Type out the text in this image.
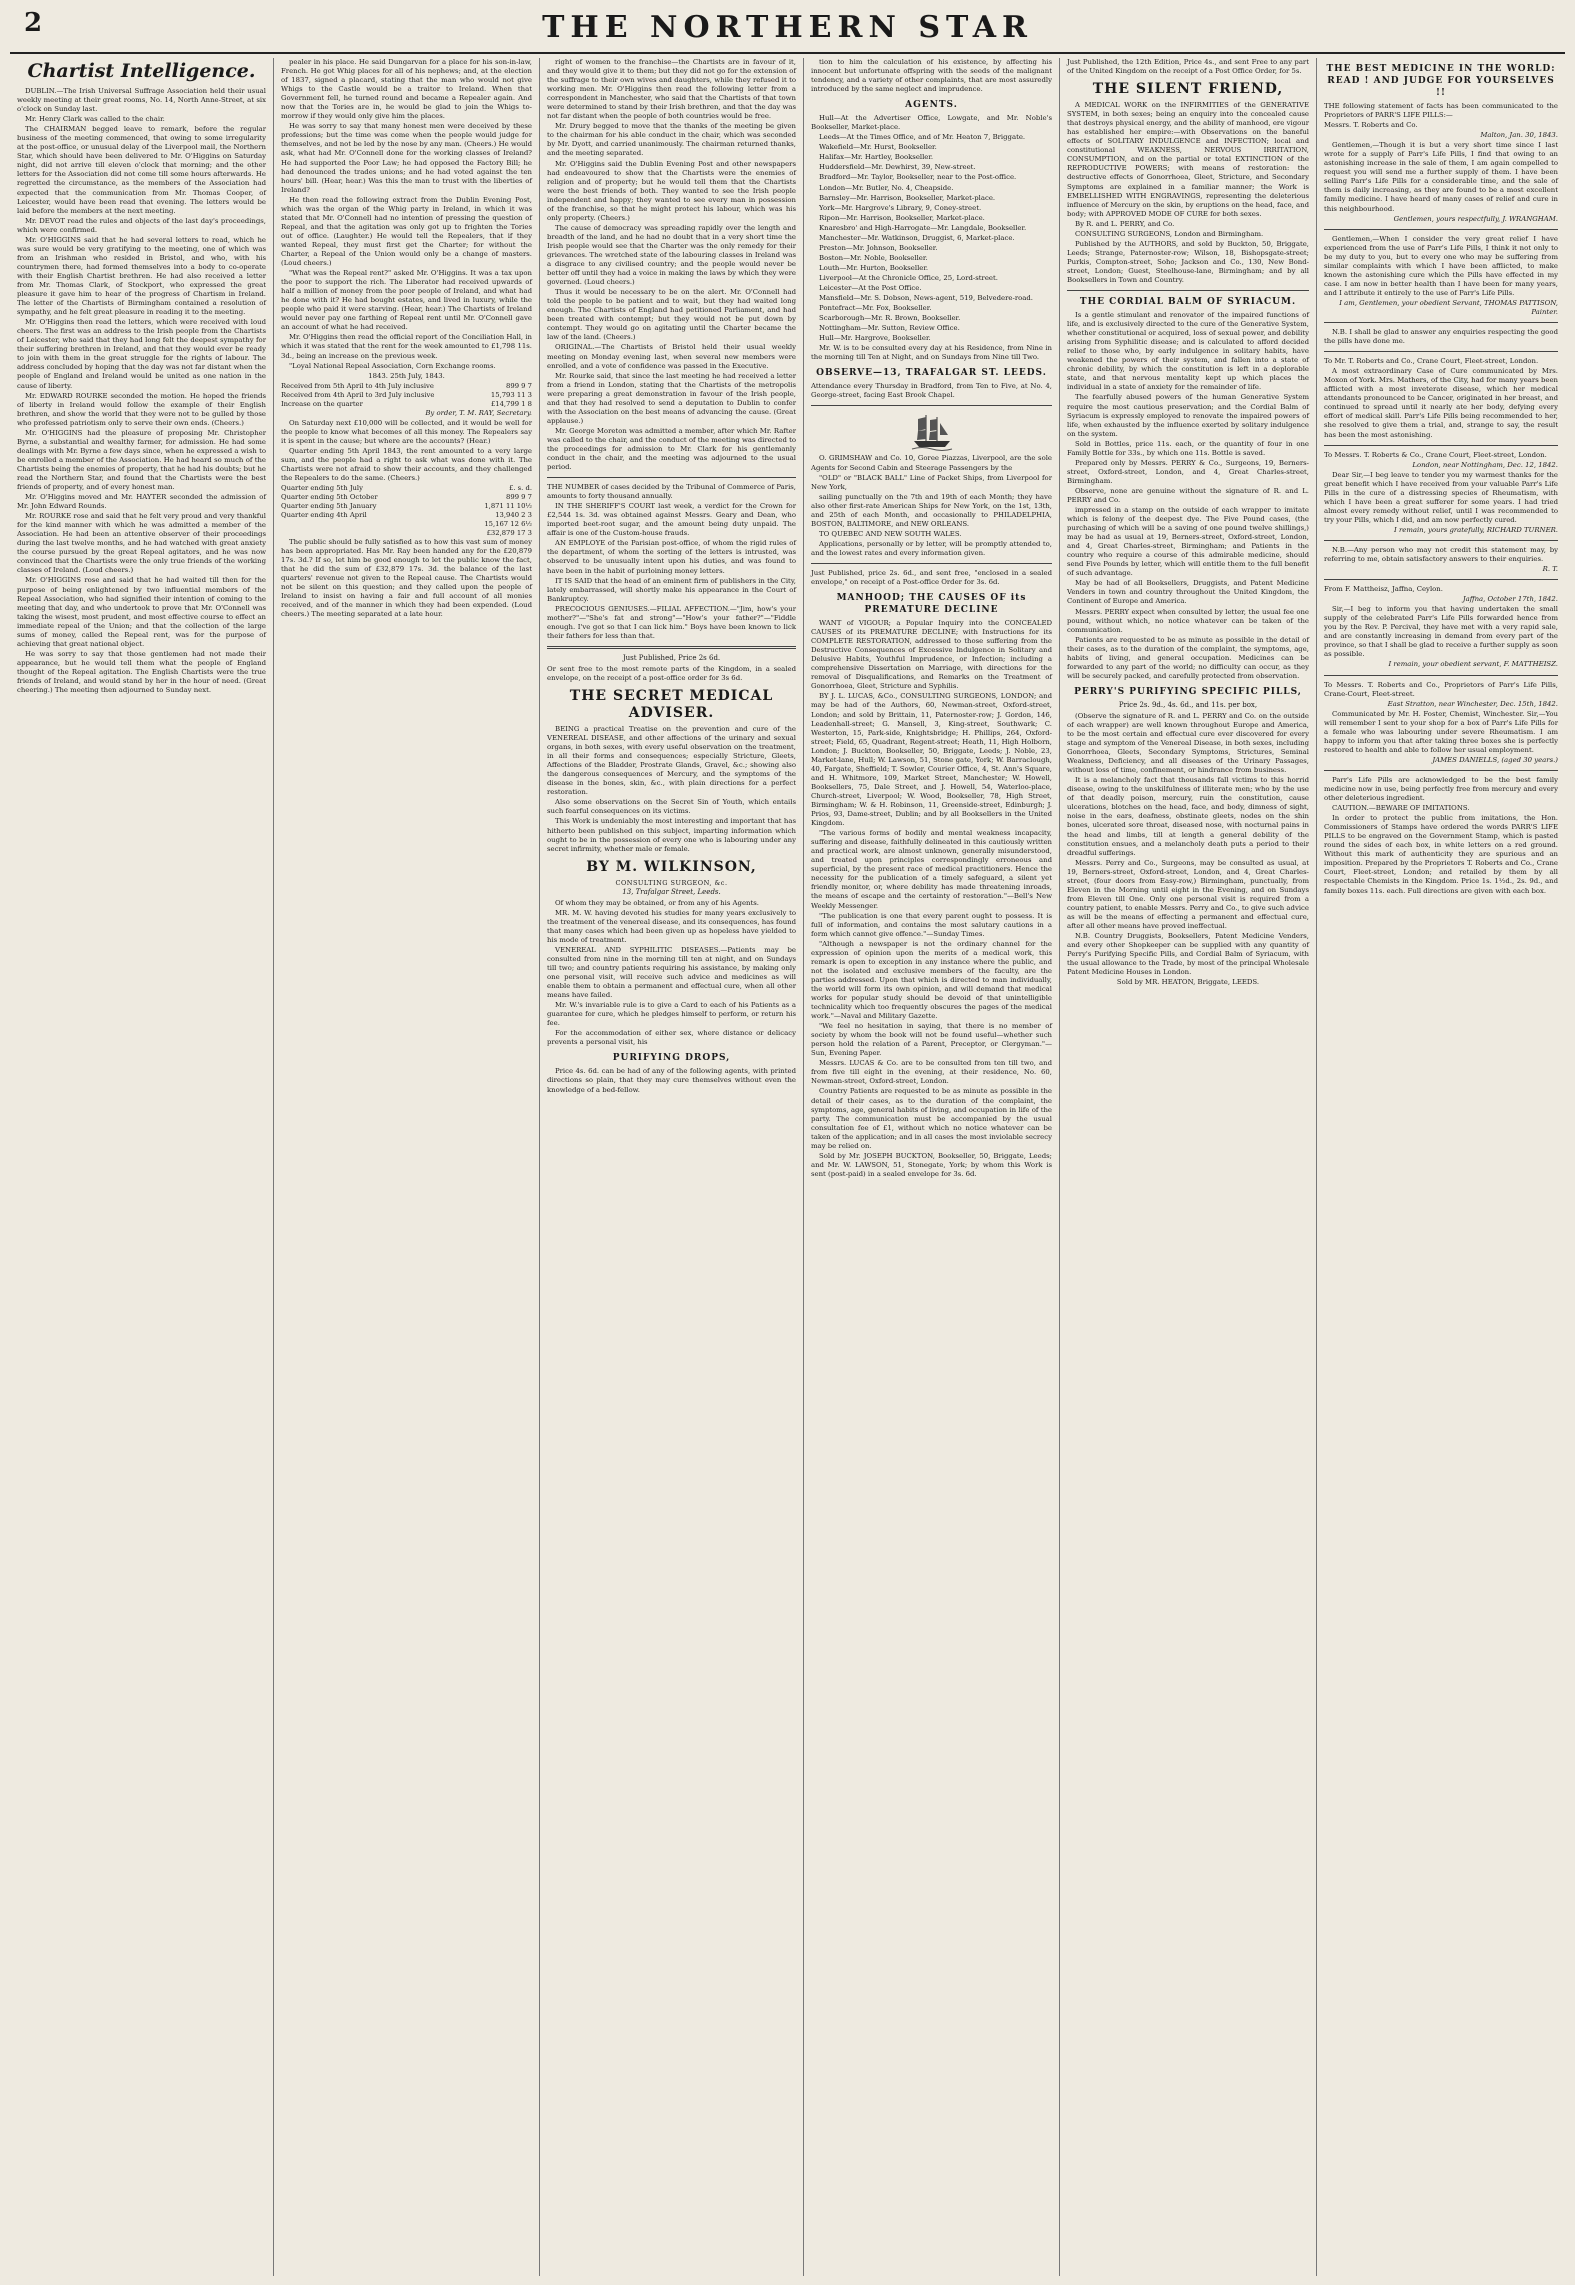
2	THE NORTHERN STAR
Chartist Intelligence.

DUBLIN.—The Irish Universal Suffrage Association held their usual weekly meeting at their great rooms, No. 14, North Anne-Street, at six o'clock on Sunday last.

Mr. Henry Clark was called to the chair.

The CHAIRMAN begged leave to remark, before the regular business of the meeting commenced, that owing to some irregularity at the post-office, or unusual delay of the Liverpool mail, the Northern Star, which should have been delivered to Mr. O'Higgins on Saturday night, did not arrive till eleven o'clock that morning; and the other letters for the Association did not come till some hours afterwards. He regretted the circumstance, as the members of the Association had expected that the communication from Mr. Thomas Cooper, of Leicester, would have been read that evening. The letters would be laid before the members at the next meeting.

Mr. DEVOT read the rules and objects of the last day's proceedings, which were confirmed.

Mr. O'HIGGINS said that he had several letters to read, which he was sure would be very gratifying to the meeting, one of which was from an Irishman who resided in Bristol, and who, with his countrymen there, had formed themselves into a body to co-operate with their English Chartist brethren. He had also received a letter from Mr. Thomas Clark, of Stockport, who expressed the great pleasure it gave him to hear of the progress of Chartism in Ireland. The letter of the Chartists of Birmingham contained a resolution of sympathy, and he felt great pleasure in reading it to the meeting.

Mr. O'Higgins then read the letters, which were received with loud cheers. The first was an address to the Irish people from the Chartists of Leicester, who said that they had long felt the deepest sympathy for their suffering brethren in Ireland, and that they would ever be ready to join with them in the great struggle for the rights of labour. The address concluded by hoping that the day was not far distant when the people of England and Ireland would be united as one nation in the cause of liberty.

Mr. EDWARD ROURKE seconded the motion. He hoped the friends of liberty in Ireland would follow the example of their English brethren, and show the world that they were not to be gulled by those who professed patriotism only to serve their own ends. (Cheers.)

Mr. O'HIGGINS had the pleasure of proposing Mr. Christopher Byrne, a substantial and wealthy farmer, for admission. He had some dealings with Mr. Byrne a few days since, when he expressed a wish to be enrolled a member of the Association. He had heard so much of the Chartists being the enemies of property, that he had his doubts; but he read the Northern Star, and found that the Chartists were the best friends of property, and of every honest man.

Mr. O'Higgins moved and Mr. HAYTER seconded the admission of Mr. John Edward Rounds.

Mr. ROURKE rose and said that he felt very proud and very thankful for the kind manner with which he was admitted a member of the Association. He had been an attentive observer of their proceedings during the last twelve months, and he had watched with great anxiety the course pursued by the great Repeal agitators, and he was now convinced that the Chartists were the only true friends of the working classes of Ireland. (Loud cheers.)

Mr. O'HIGGINS rose and said that he had waited till then for the purpose of being enlightened by two influential members of the Repeal Association, who had signified their intention of coming to the meeting that day, and who undertook to prove that Mr. O'Connell was taking the wisest, most prudent, and most effective course to effect an immediate repeal of the Union; and that the collection of the large sums of money, called the Repeal rent, was for the purpose of achieving that great national object.

He was sorry to say that those gentlemen had not made their appearance, but he would tell them what the people of England thought of the Repeal agitation. The English Chartists were the true friends of Ireland, and would stand by her in the hour of need. (Great cheering.) The meeting then adjourned to Sunday next.

pealer in his place. He said Dungarvan for a place for his son-in-law, French. He got Whig places for all of his nephews; and, at the election of 1837, signed a placard, stating that the man who would not give Whigs to the Castle would be a traitor to Ireland. When that Government fell, he turned round and became a Repealer again. And now that the Tories are in, he would be glad to join the Whigs to-morrow if they would only give him the places.

He was sorry to say that many honest men were deceived by these professions; but the time was come when the people would judge for themselves, and not be led by the nose by any man. (Cheers.) He would ask, what had Mr. O'Connell done for the working classes of Ireland? He had supported the Poor Law; he had opposed the Factory Bill; he had denounced the trades unions; and he had voted against the ten hours' bill. (Hear, hear.) Was this the man to trust with the liberties of Ireland?

He then read the following extract from the Dublin Evening Post, which was the organ of the Whig party in Ireland, in which it was stated that Mr. O'Connell had no intention of pressing the question of Repeal, and that the agitation was only got up to frighten the Tories out of office. (Laughter.) He would tell the Repealers, that if they wanted Repeal, they must first get the Charter; for without the Charter, a Repeal of the Union would only be a change of masters. (Loud cheers.)

"What was the Repeal rent?" asked Mr. O'Higgins. It was a tax upon the poor to support the rich. The Liberator had received upwards of half a million of money from the poor people of Ireland, and what had he done with it? He had bought estates, and lived in luxury, while the people who paid it were starving. (Hear, hear.) The Chartists of Ireland would never pay one farthing of Repeal rent until Mr. O'Connell gave an account of what he had received.

Mr. O'Higgins then read the official report of the Conciliation Hall, in which it was stated that the rent for the week amounted to £1,798 11s. 3d., being an increase on the previous week.

"Loyal National Repeal Association, Corn Exchange rooms.

1843. 25th July, 1843.

Received from 5th April to 4th July inclusive	899 9 7
Received from 4th April to 3rd July inclusive	15,793 11 3
Increase on the quarter	£14,799 1 8

By order, T. M. RAY, Secretary.

On Saturday next £10,000 will be collected, and it would be well for the people to know what becomes of all this money. The Repealers say it is spent in the cause; but where are the accounts? (Hear.)

Quarter ending 5th April 1843, the rent amounted to a very large sum, and the people had a right to ask what was done with it. The Chartists were not afraid to show their accounts, and they challenged the Repealers to do the same. (Cheers.)

Quarter ending 5th July	£. s. d.
Quarter ending 5th October	899 9 7
Quarter ending 5th January	1,871 11 10½
Quarter ending 4th April	13,940 2 3
	15,167 12 6½
	£32,879 17 3

The public should be fully satisfied as to how this vast sum of money has been appropriated. Has Mr. Ray been handed any for the £20,879 17s. 3d.? If so, let him be good enough to let the public know the fact, that he did the sum of £32,879 17s. 3d. the balance of the last quarters' revenue not given to the Repeal cause. The Chartists would not be silent on this question; and they called upon the people of Ireland to insist on having a fair and full account of all monies received, and of the manner in which they had been expended. (Loud cheers.) The meeting separated at a late hour.

right of women to the franchise—the Chartists are in favour of it, and they would give it to them; but they did not go for the extension of the suffrage to their own wives and daughters, while they refused it to working men. Mr. O'Higgins then read the following letter from a correspondent in Manchester, who said that the Chartists of that town were determined to stand by their Irish brethren, and that the day was not far distant when the people of both countries would be free.

Mr. Drury begged to move that the thanks of the meeting be given to the chairman for his able conduct in the chair, which was seconded by Mr. Dyott, and carried unanimously. The chairman returned thanks, and the meeting separated.

Mr. O'Higgins said the Dublin Evening Post and other newspapers had endeavoured to show that the Chartists were the enemies of religion and of property; but he would tell them that the Chartists were the best friends of both. They wanted to see the Irish people independent and happy; they wanted to see every man in possession of the franchise, so that he might protect his labour, which was his only property. (Cheers.)

The cause of democracy was spreading rapidly over the length and breadth of the land, and he had no doubt that in a very short time the Irish people would see that the Charter was the only remedy for their grievances. The wretched state of the labouring classes in Ireland was a disgrace to any civilised country; and the people would never be better off until they had a voice in making the laws by which they were governed. (Loud cheers.)

Thus it would be necessary to be on the alert. Mr. O'Connell had told the people to be patient and to wait, but they had waited long enough. The Chartists of England had petitioned Parliament, and had been treated with contempt; but they would not be put down by contempt. They would go on agitating until the Charter became the law of the land. (Cheers.)

ORIGINAL.—The Chartists of Bristol held their usual weekly meeting on Monday evening last, when several new members were enrolled, and a vote of confidence was passed in the Executive.

Mr. Rourke said, that since the last meeting he had received a letter from a friend in London, stating that the Chartists of the metropolis were preparing a great demonstration in favour of the Irish people, and that they had resolved to send a deputation to Dublin to confer with the Association on the best means of advancing the cause. (Great applause.)

Mr. George Moreton was admitted a member, after which Mr. Rafter was called to the chair, and the conduct of the meeting was directed to the proceedings for admission to Mr. Clark for his gentlemanly conduct in the chair, and the meeting was adjourned to the usual period.

THE NUMBER of cases decided by the Tribunal of Commerce of Paris, amounts to forty thousand annually.

IN THE SHERIFF'S COURT last week, a verdict for the Crown for £2,544 1s. 3d. was obtained against Messrs. Geary and Dean, who imported beet-root sugar, and the amount being duty unpaid. The affair is one of the Custom-house frauds.

AN EMPLOYE of the Parisian post-office, of whom the rigid rules of the department, of whom the sorting of the letters is intrusted, was observed to be unusually intent upon his duties, and was found to have been in the habit of purloining money letters.

IT IS SAID that the head of an eminent firm of publishers in the City, lately embarrassed, will shortly make his appearance in the Court of Bankruptcy.

PRECOCIOUS GENIUSES.—FILIAL AFFECTION.—"Jim, how's your mother?"—"She's fat and strong"—"How's your father?"—"Fiddle enough. I've got so that I can lick him." Boys have been known to lick their fathers for less than that.

Just Published, Price 2s 6d.

Or sent free to the most remote parts of the Kingdom, in a sealed envelope, on the receipt of a post-office order for 3s 6d.

THE SECRET MEDICAL ADVISER.

BEING a practical Treatise on the prevention and cure of the VENEREAL DISEASE, and other affections of the urinary and sexual organs, in both sexes, with every useful observation on the treatment, in all their forms and consequences; especially Stricture, Gleets, Affections of the Bladder, Prostrate Glands, Gravel, &c.; showing also the dangerous consequences of Mercury, and the symptoms of the disease in the bones, skin, &c., with plain directions for a perfect restoration.

Also some observations on the Secret Sin of Youth, which entails such fearful consequences on its victims.

This Work is undeniably the most interesting and important that has hitherto been published on this subject, imparting information which ought to be in the possession of every one who is labouring under any secret infirmity, whether male or female.

BY M. WILKINSON,
CONSULTING SURGEON, &c.
13, Trafalgar Street, Leeds.

Of whom they may be obtained, or from any of his Agents.

MR. M. W. having devoted his studies for many years exclusively to the treatment of the venereal disease, and its consequences, has found that many cases which had been given up as hopeless have yielded to his mode of treatment.

VENEREAL AND SYPHILITIC DISEASES.—Patients may be consulted from nine in the morning till ten at night, and on Sundays till two; and country patients requiring his assistance, by making only one personal visit, will receive such advice and medicines as will enable them to obtain a permanent and effectual cure, when all other means have failed.

Mr. W.'s invariable rule is to give a Card to each of his Patients as a guarantee for cure, which he pledges himself to perform, or return his fee.

For the accommodation of either sex, where distance or delicacy prevents a personal visit, his

PURIFYING DROPS,

Price 4s. 6d. can be had of any of the following agents, with printed directions so plain, that they may cure themselves without even the knowledge of a bed-fellow.

tion to him the calculation of his existence, by affecting his innocent but unfortunate offspring with the seeds of the malignant tendency, and a variety of other complaints, that are most assuredly introduced by the same neglect and imprudence.

AGENTS.

Hull—At the Advertiser Office, Lowgate, and Mr. Noble's Bookseller, Market-place.

Leeds—At the Times Office, and of Mr. Heaton 7, Briggate.

Wakefield—Mr. Hurst, Bookseller.

Halifax—Mr. Hartley, Bookseller.

Huddersfield—Mr. Dewhirst, 39, New-street.

Bradford—Mr. Taylor, Bookseller, near to the Post-office.

London—Mr. Butler, No. 4, Cheapside.

Barnsley—Mr. Harrison, Bookseller, Market-place.

York—Mr. Hargrove's Library, 9, Coney-street.

Ripon—Mr. Harrison, Bookseller, Market-place.

Knaresbro' and High-Harrogate—Mr. Langdale, Bookseller.

Manchester—Mr. Watkinson, Druggist, 6, Market-place.

Preston—Mr. Johnson, Bookseller.

Boston—Mr. Noble, Bookseller.

Louth—Mr. Hurton, Bookseller.

Liverpool—At the Chronicle Office, 25, Lord-street.

Leicester—At the Post Office.

Mansfield—Mr. S. Dobson, News-agent, 519, Belvedere-road.

Pontefract—Mr. Fox, Bookseller.

Scarborough—Mr. R. Brown, Bookseller.

Nottingham—Mr. Sutton, Review Office.

Hull—Mr. Hargrove, Bookseller.

Mr. W. is to be consulted every day at his Residence, from Nine in the morning till Ten at Night, and on Sundays from Nine till Two.

OBSERVE—13, TRAFALGAR ST. LEEDS.

Attendance every Thursday in Bradford, from Ten to Five, at No. 4, George-street, facing East Brook Chapel.

O. GRIMSHAW and Co. 10, Goree Piazzas, Liverpool, are the sole Agents for Second Cabin and Steerage Passengers by the

"OLD" or "BLACK BALL" Line of Packet Ships, from Liverpool for New York,

sailing punctually on the 7th and 19th of each Month; they have also other first-rate American Ships for New York, on the 1st, 13th, and 25th of each Month, and occasionally to PHILADELPHIA, BOSTON, BALTIMORE, and NEW ORLEANS.

TO QUEBEC AND NEW SOUTH WALES.

Applications, personally or by letter, will be promptly attended to, and the lowest rates and every information given.

Just Published, price 2s. 6d., and sent free, "enclosed in a sealed envelope," on receipt of a Post-office Order for 3s. 6d.

MANHOOD; THE CAUSES OF its PREMATURE DECLINE

WANT of VIGOUR; a Popular Inquiry into the CONCEALED CAUSES of its PREMATURE DECLINE; with Instructions for its COMPLETE RESTORATION, addressed to those suffering from the Destructive Consequences of Excessive Indulgence in Solitary and Delusive Habits, Youthful Imprudence, or Infection; including a comprehensive Dissertation on Marriage, with directions for the removal of Disqualifications, and Remarks on the Treatment of Gonorrhoea, Gleet, Stricture and Syphilis.

BY J. L. LUCAS, &Co., CONSULTING SURGEONS, LONDON; and may be had of the Authors, 60, Newman-street, Oxford-street, London; and sold by Brittain, 11, Paternoster-row; J. Gordon, 146, Leadenhall-street; G. Mansell, 3, King-street, Southwark; C. Westerton, 15, Park-side, Knightsbridge; H. Phillips, 264, Oxford-street; Field, 65, Quadrant, Regent-street; Heath, 11, High Holborn, London; J. Buckton, Bookseller, 50, Briggate, Leeds; J. Noble, 23, Market-lane, Hull; W. Lawson, 51, Stone gate, York; W. Barraclough, 40, Fargate, Sheffield; T. Sowler, Courier Office, 4, St. Ann's Square, and H. Whitmore, 109, Market Street, Manchester; W. Howell, Booksellers, 75, Dale Street, and J. Howell, 54, Waterloo-place, Church-street, Liverpool; W. Wood, Bookseller, 78, High Street, Birmingham; W. & H. Robinson, 11, Greenside-street, Edinburgh; J. Prios, 93, Dame-street, Dublin; and by all Booksellers in the United Kingdom.

"The various forms of bodily and mental weakness incapacity, suffering and disease, faithfully delineated in this cautiously written and practical work, are almost unknown, generally misunderstood, and treated upon principles correspondingly erroneous and superficial, by the present race of medical practitioners. Hence the necessity for the publication of a timely safeguard, a silent yet friendly monitor, or, where debility has made threatening inroads, the means of escape and the certainty of restoration."—Bell's New Weekly Messenger.

"The publication is one that every parent ought to possess. It is full of information, and contains the most salutary cautions in a form which cannot give offence."—Sunday Times.

"Although a newspaper is not the ordinary channel for the expression of opinion upon the merits of a medical work, this remark is open to exception in any instance where the public, and not the isolated and exclusive members of the faculty, are the parties addressed. Upon that which is directed to man individually, the world will form its own opinion, and will demand that medical works for popular study should be devoid of that unintelligible technicality which too frequently obscures the pages of the medical work."—Naval and Military Gazette.

"We feel no hesitation in saying, that there is no member of society by whom the book will not be found useful—whether such person hold the relation of a Parent, Preceptor, or Clergyman."—Sun, Evening Paper.

Messrs. LUCAS & Co. are to be consulted from ten till two, and from five till eight in the evening, at their residence, No. 60, Newman-street, Oxford-street, London.

Country Patients are requested to be as minute as possible in the detail of their cases, as to the duration of the complaint, the symptoms, age, general habits of living, and occupation in life of the party. The communication must be accompanied by the usual consultation fee of £1, without which no notice whatever can be taken of the application; and in all cases the most inviolable secrecy may be relied on.

Sold by Mr. JOSEPH BUCKTON, Bookseller, 50, Briggate, Leeds; and Mr. W. LAWSON, 51, Stonegate, York; by whom this Work is sent (post-paid) in a sealed envelope for 3s. 6d.

Just Published, the 12th Edition, Price 4s., and sent Free to any part of the United Kingdom on the receipt of a Post Office Order, for 5s.

THE SILENT FRIEND,

A MEDICAL WORK on the INFIRMITIES of the GENERATIVE SYSTEM, in both sexes; being an enquiry into the concealed cause that destroys physical energy, and the ability of manhood, ere vigour has established her empire:—with Observations on the baneful effects of SOLITARY INDULGENCE and INFECTION; local and constitutional WEAKNESS, NERVOUS IRRITATION, CONSUMPTION, and on the partial or total EXTINCTION of the REPRODUCTIVE POWERS; with means of restoration: the destructive effects of Gonorrhoea, Gleet, Stricture, and Secondary Symptoms are explained in a familiar manner; the Work is EMBELLISHED WITH ENGRAVINGS, representing the deleterious influence of Mercury on the skin, by eruptions on the head, face, and body; with APPROVED MODE OF CURE for both sexes.

By R. and L. PERRY, and Co.

CONSULTING SURGEONS, London and Birmingham.

Published by the AUTHORS, and sold by Buckton, 50, Briggate, Leeds; Strange, Paternoster-row; Wilson, 18, Bishopsgate-street; Purkis, Compton-street, Soho; Jackson and Co., 130, New Bond-street, London; Guest, Steelhouse-lane, Birmingham; and by all Booksellers in Town and Country.

THE CORDIAL BALM OF SYRIACUM.

Is a gentle stimulant and renovator of the impaired functions of life, and is exclusively directed to the cure of the Generative System, whether constitutional or acquired, loss of sexual power, and debility arising from Syphilitic disease; and is calculated to afford decided relief to those who, by early indulgence in solitary habits, have weakened the powers of their system, and fallen into a state of chronic debility, by which the constitution is left in a deplorable state, and that nervous mentality kept up which places the individual in a state of anxiety for the remainder of life.

The fearfully abused powers of the human Generative System require the most cautious preservation; and the Cordial Balm of Syriacum is expressly employed to renovate the impaired powers of life, when exhausted by the influence exerted by solitary indulgence on the system.

Sold in Bottles, price 11s. each, or the quantity of four in one Family Bottle for 33s., by which one 11s. Bottle is saved.

Prepared only by Messrs. PERRY & Co., Surgeons, 19, Berners-street, Oxford-street, London, and 4, Great Charles-street, Birmingham.

Observe, none are genuine without the signature of R. and L. PERRY and Co.

impressed in a stamp on the outside of each wrapper to imitate which is felony of the deepest dye. The Five Pound cases, (the purchasing of which will be a saving of one pound twelve shillings,) may be had as usual at 19, Berners-street, Oxford-street, London, and 4, Great Charles-street, Birmingham; and Patients in the country who require a course of this admirable medicine, should send Five Pounds by letter, which will entitle them to the full benefit of such advantage.

May be had of all Booksellers, Druggists, and Patent Medicine Venders in town and country throughout the United Kingdom, the Continent of Europe and America.

Messrs. PERRY expect when consulted by letter, the usual fee one pound, without which, no notice whatever can be taken of the communication.

Patients are requested to be as minute as possible in the detail of their cases, as to the duration of the complaint, the symptoms, age, habits of living, and general occupation. Medicines can be forwarded to any part of the world; no difficulty can occur, as they will be securely packed, and carefully protected from observation.

PERRY'S PURIFYING SPECIFIC PILLS,
Price 2s. 9d., 4s. 6d., and 11s. per box,

(Observe the signature of R. and L. PERRY and Co. on the outside of each wrapper) are well known throughout Europe and America, to be the most certain and effectual cure ever discovered for every stage and symptom of the Venereal Disease, in both sexes, including Gonorrhoea, Gleets, Secondary Symptoms, Strictures, Seminal Weakness, Deficiency, and all diseases of the Urinary Passages, without loss of time, confinement, or hindrance from business.

It is a melancholy fact that thousands fall victims to this horrid disease, owing to the unskilfulness of illiterate men; who by the use of that deadly poison, mercury, ruin the constitution, cause ulcerations, blotches on the head, face, and body, dimness of sight, noise in the ears, deafness, obstinate gleets, nodes on the shin bones, ulcerated sore throat, diseased nose, with nocturnal pains in the head and limbs, till at length a general debility of the constitution ensues, and a melancholy death puts a period to their dreadful sufferings.

Messrs. Perry and Co., Surgeons, may be consulted as usual, at 19, Berners-street, Oxford-street, London, and 4, Great Charles-street, (four doors from Easy-row,) Birmingham, punctually, from Eleven in the Morning until eight in the Evening, and on Sundays from Eleven till One. Only one personal visit is required from a country patient, to enable Messrs. Perry and Co., to give such advice as will be the means of effecting a permanent and effectual cure, after all other means have proved ineffectual.

N.B. Country Druggists, Booksellers, Patent Medicine Venders, and every other Shopkeeper can be supplied with any quantity of Perry's Purifying Specific Pills, and Cordial Balm of Syriacum, with the usual allowance to the Trade, by most of the principal Wholesale Patent Medicine Houses in London.

Sold by MR. HEATON, Briggate, LEEDS.

THE BEST MEDICINE IN THE WORLD: READ ! AND JUDGE FOR YOURSELVES !!

THE following statement of facts has been communicated to the Proprietors of PARR'S LIFE PILLS:—

Messrs. T. Roberts and Co.

Malton, Jan. 30, 1843.

Gentlemen,—Though it is but a very short time since I last wrote for a supply of Parr's Life Pills, I find that owing to an astonishing increase in the sale of them, I am again compelled to request you will send me a further supply of them. I have been selling Parr's Life Pills for a considerable time, and the sale of them is daily increasing, as they are found to be a most excellent family medicine. I have heard of many cases of relief and cure in this neighbourhood.

Gentlemen, yours respectfully, J. WRANGHAM.

Gentlemen,—When I consider the very great relief I have experienced from the use of Parr's Life Pills, I think it not only to be my duty to you, but to every one who may be suffering from similar complaints with which I have been afflicted, to make known the astonishing cure which the Pills have effected in my case. I am now in better health than I have been for many years, and I attribute it entirely to the use of Parr's Life Pills.

I am, Gentlemen, your obedient Servant, THOMAS PATTISON, Painter.

N.B. I shall be glad to answer any enquiries respecting the good the pills have done me.

To Mr. T. Roberts and Co., Crane Court, Fleet-street, London.

A most extraordinary Case of Cure communicated by Mrs. Moxon of York. Mrs. Mathers, of the City, had for many years been afflicted with a most inveterate disease, which her medical attendants pronounced to be Cancer, originated in her breast, and continued to spread until it nearly ate her body, defying every effort of medical skill. Parr's Life Pills being recommended to her, she resolved to give them a trial, and, strange to say, the result has been the most astonishing.

To Messrs. T. Roberts & Co., Crane Court, Fleet-street, London.

London, near Nottingham, Dec. 12, 1842.

Dear Sir,—I beg leave to tender you my warmest thanks for the great benefit which I have received from your valuable Parr's Life Pills in the cure of a distressing species of Rheumatism, with which I have been a great sufferer for some years. I had tried almost every remedy without relief, until I was recommended to try your Pills, which I did, and am now perfectly cured.

I remain, yours gratefully, RICHARD TURNER.

N.B.—Any person who may not credit this statement may, by referring to me, obtain satisfactory answers to their enquiries.

R. T.

From F. Mattheisz, Jaffna, Ceylon.

Jaffna, October 17th, 1842.

Sir,—I beg to inform you that having undertaken the small supply of the celebrated Parr's Life Pills forwarded hence from you by the Rev. P. Percival, they have met with a very rapid sale, and are constantly increasing in demand from every part of the province, so that I shall be glad to receive a further supply as soon as possible.

I remain, your obedient servant, F. MATTHEISZ.

To Messrs. T. Roberts and Co., Proprietors of Parr's Life Pills, Crane-Court, Fleet-street.

East Stratton, near Winchester, Dec. 15th, 1842.

Communicated by Mr. H. Foster, Chemist, Winchester. Sir,—You will remember I sent to your shop for a box of Parr's Life Pills for a female who was labouring under severe Rheumatism. I am happy to inform you that after taking three boxes she is perfectly restored to health and able to follow her usual employment.

JAMES DANIELLS, (aged 30 years.)

Parr's Life Pills are acknowledged to be the best family medicine now in use, being perfectly free from mercury and every other deleterious ingredient.

CAUTION.—BEWARE OF IMITATIONS.

In order to protect the public from imitations, the Hon. Commissioners of Stamps have ordered the words PARR'S LIFE PILLS to be engraved on the Government Stamp, which is pasted round the sides of each box, in white letters on a red ground. Without this mark of authenticity they are spurious and an imposition. Prepared by the Proprietors T. Roberts and Co., Crane Court, Fleet-street, London; and retailed by them by all respectable Chemists in the Kingdom. Price 1s. 1½d., 2s. 9d., and family boxes 11s. each. Full directions are given with each box.
